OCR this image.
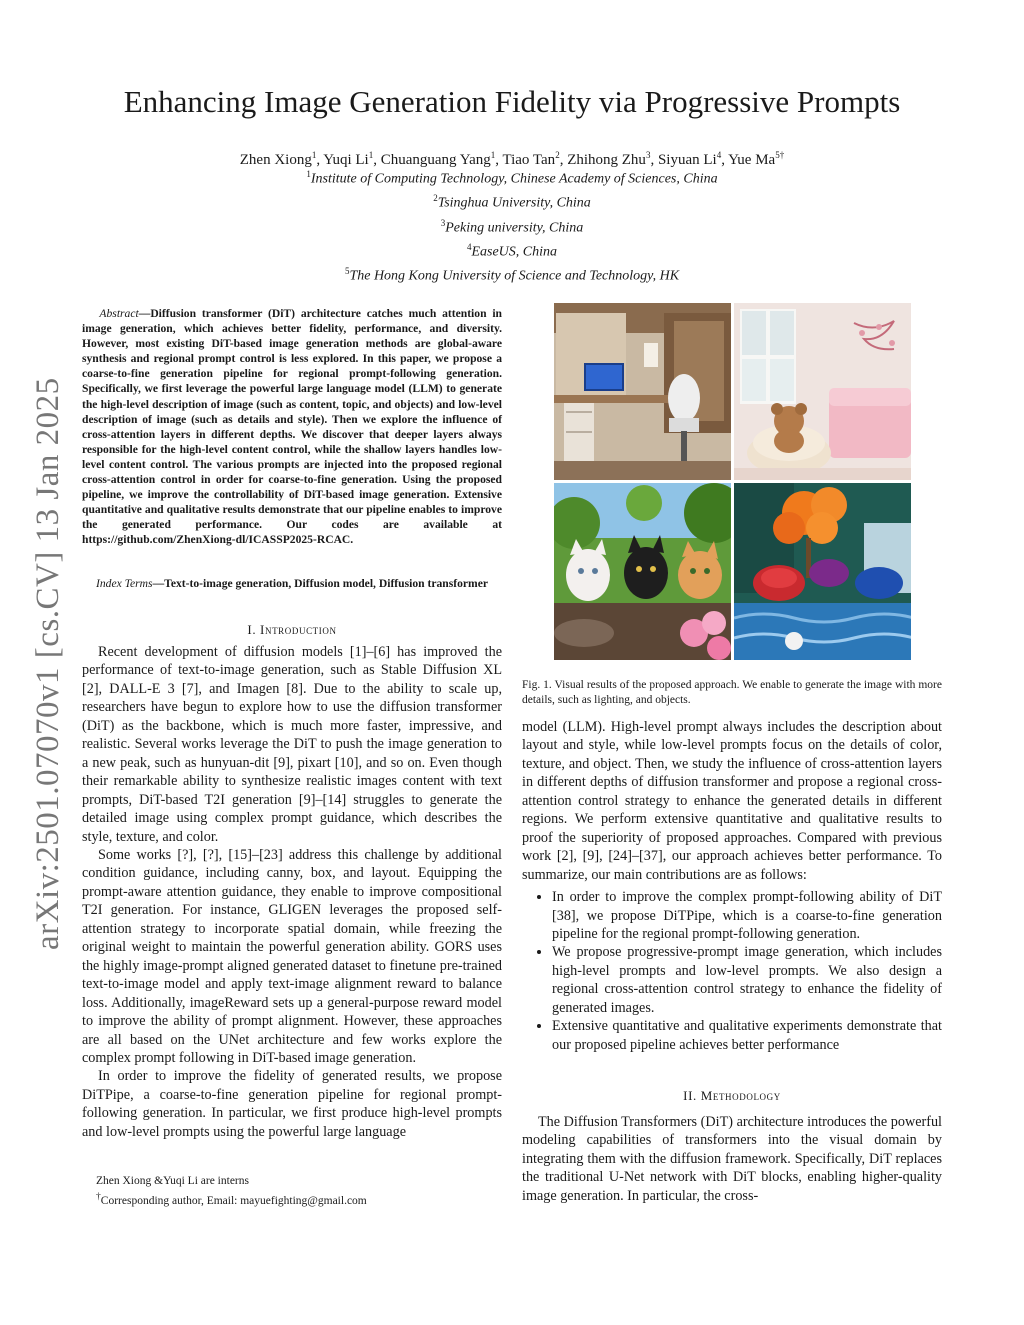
Enhancing Image Generation Fidelity via Progressive Prompts
Zhen Xiong$^1$, Yuqi Li$^1$, Chuanguang Yang$^1$, Tiao Tan$^2$, Zhihong Zhu$^3$, Siyuan Li$^4$, Yue $Ma^{5\dagger}$
$^1$Institute of Computing Technology, Chinese Academy of Sciences, China
$^2$Tsinghua University, China
$^3$Peking university, China
$^4$EaseUS, China
$^5$The Hong Kong University of Science and Technology, HK
arXiv:2501.07070v1 [cs.CV] 13 Jan 2025
Abstract—Diffusion transformer (DiT) architecture catches much attention in image generation, which achieves better fidelity, performance, and diversity. However, most existing DiT-based image generation methods are global-aware synthesis and regional prompt control is less explored. In this paper, we propose a coarse-to-fine generation pipeline for regional prompt-following generation. Specifically, we first leverage the powerful large language model (LLM) to generate the high-level description of image (such as content, topic, and objects) and low-level description of image (such as details and style). Then we explore the influence of cross-attention layers in different depths. We discover that deeper layers always responsible for the high-level content control, while the shallow layers handles low-level content control. The various prompts are injected into the proposed regional cross-attention control in order for coarse-to-fine generation. Using the proposed pipeline, we improve the controllability of DiT-based image generation. Extensive quantitative and qualitative results demonstrate that our pipeline enables to improve the generated performance. Our codes are available at https://github.com/ZhenXiong-dl/ICASSP2025-RCAC.
Index Terms—Text-to-image generation, Diffusion model, Diffusion transformer
I. Introduction

Recent development of diffusion models [1]–[6] has improved the performance of text-to-image generation, such as Stable Diffusion XL [2], DALL-E 3 [7], and Imagen [8]. Due to the ability to scale up, researchers have begun to explore how to use the diffusion transformer (DiT) as the backbone, which is much more faster, impressive, and realistic. Several works leverage the DiT to push the image generation to a new peak, such as hunyuan-dit [9], pixart [10], and so on. Even though their remarkable ability to synthesize realistic images content with text prompts, DiT-based T2I generation [9]–[14] struggles to generate the detailed image using complex prompt guidance, which describes the style, texture, and color.

Some works [?], [?], [15]–[23] address this challenge by additional condition guidance, including canny, box, and layout. Equipping the prompt-aware attention guidance, they enable to improve compositional T2I generation. For instance, GLIGEN leverages the proposed self-attention strategy to incorporate spatial domain, while freezing the original weight to maintain the powerful generation ability. GORS uses the highly image-prompt aligned generated dataset to finetune pre-trained text-to-image model and apply text-image alignment reward to balance loss. Additionally, imageReward sets up a general-purpose reward model to improve the ability of prompt alignment. However, these approaches are all based on the UNet architecture and few works explore the complex prompt following in DiT-based image generation.

In order to improve the fidelity of generated results, we propose DiTPipe, a coarse-to-fine generation pipeline for regional prompt-following generation. In particular, we first produce high-level prompts and low-level prompts using the powerful large language

Zhen Xiong &Yuqi Li are interns
†Corresponding author, Email: mayuefighting@gmail.com
Fig. 1. Visual results of the proposed approach. We enable to generate the image with more details, such as lighting, and objects.

model (LLM). High-level prompt always includes the description about layout and style, while low-level prompts focus on the details of color, texture, and object. Then, we study the influence of cross-attention layers in different depths of diffusion transformer and propose a regional cross-attention control strategy to enhance the generated details in different regions. We perform extensive quantitative and qualitative results to proof the superiority of proposed approaches. Compared with previous work [2], [9], [24]–[37], our approach achieves better performance. To summarize, our main contributions are as follows:

• In order to improve the complex prompt-following ability of DiT [38], we propose DiTPipe, which is a coarse-to-fine generation pipeline for the regional prompt-following generation.
• We propose progressive-prompt image generation, which includes high-level prompts and low-level prompts. We also design a regional cross-attention control strategy to enhance the fidelity of generated images.
• Extensive quantitative and qualitative experiments demonstrate that our proposed pipeline achieves better performance
II. Methodology

The Diffusion Transformers (DiT) architecture introduces the powerful modeling capabilities of transformers into the visual domain by integrating them with the diffusion framework. Specifically, DiT replaces the traditional U-Net network with DiT blocks, enabling higher-quality image generation. In particular, the cross-
